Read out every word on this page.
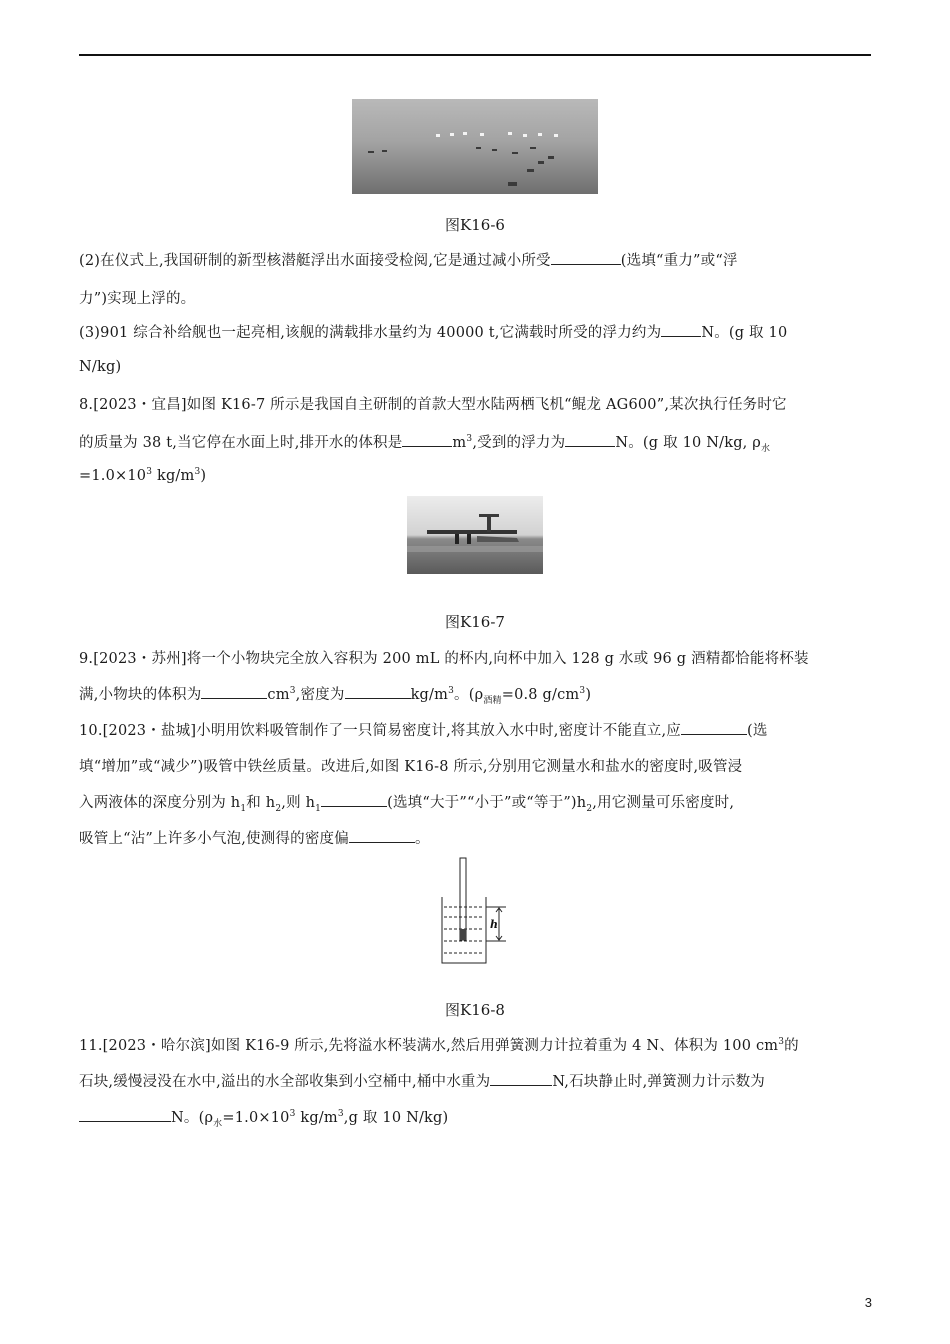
图K16-6
(2)在仪式上,我国研制的新型核潜艇浮出水面接受检阅,它是通过减小所受	(选填“重力”或“浮
力”)实现上浮的。
(3)901 综合补给舰也一起亮相,该舰的满载排水量约为 40000 t,它满载时所受的浮力约为	N。(g 取 10
N/kg)
8.[2023・宜昌]如图 K16-7 所示是我国自主研制的首款大型水陆两栖飞机“鲲龙 AG600”,某次执行任务时它
的质量为 38 t,当它停在水面上时,排开水的体积是	$m^3$,受到的浮力为	N。(g 取 10 N/kg, $\rho_水$
$=1.0\times 10^3$ $kg/m^3$)
图K16-7
9.[2023・苏州]将一个小物块完全放入容积为 200 mL 的杯内,向杯中加入 128 g 水或 96 g 酒精都恰能将杯装
满,小物块的体积为	$cm^3$,密度为	$kg/m^3$。($\rho_{酒精}=0.8$ $g/cm^3$)
10.[2023・盐城]小明用饮料吸管制作了一只简易密度计,将其放入水中时,密度计不能直立,应	(选
填“增加”或“减少”)吸管中铁丝质量。改进后,如图 K16-8 所示,分别用它测量水和盐水的密度时,吸管浸
入两液体的深度分别为 $h_1$和 $h_2$,则 $h_1$	(选填“大于”“小于”或“等于$”)h_2$,用它测量可乐密度时,
吸管上“沾”上许多小气泡,使测得的密度偏	。
h
图K16-8
11.[2023・哈尔滨]如图 K16-9 所示,先将溢水杯装满水,然后用弹簧测力计拉着重为 4 N、体积为 100 $cm^3$的
石块,缓慢浸没在水中,溢出的水全部收集到小空桶中,桶中水重为	N,石块静止时,弹簧测力计示数为
N。($\rho_水=1.0\times 10^3$ $kg/m^3,g$ 取 10 N/kg)
3
